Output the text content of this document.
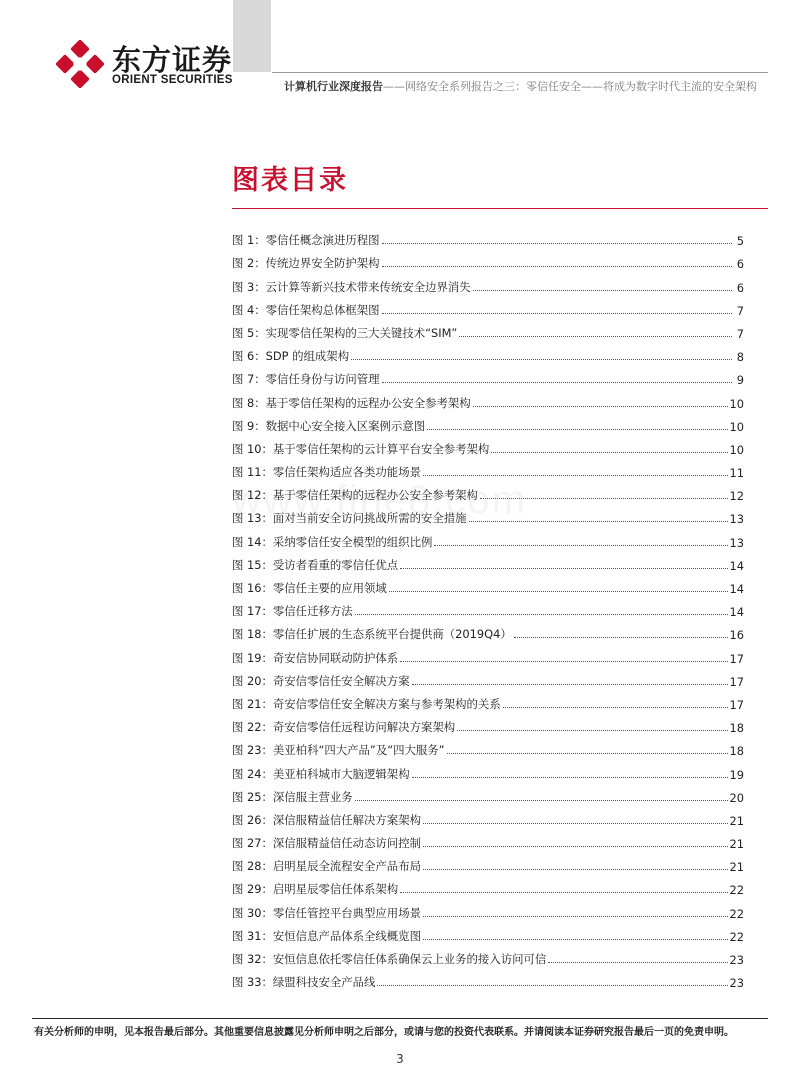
东方证券
ORIENT SECURITIES	计算机行业深度报告——网络安全系列报告之三：零信任安全——将成为数字时代主流的安全架构
图表目录
图 1：零信任概念演进历程图	5
图 2：传统边界安全防护架构	6
图 3：云计算等新兴技术带来传统安全边界消失	6
图 4：零信任架构总体框架图	7
图 5：实现零信任架构的三大关键技术“SIM”	7
图 6：SDP 的组成架构	8
图 7：零信任身份与访问管理	9
图 8：基于零信任架构的远程办公安全参考架构	10
图 9：数据中心安全接入区案例示意图	10
图 10：基于零信任架构的云计算平台安全参考架构	10
图 11：零信任架构适应各类功能场景	11
图 12：基于零信任架构的远程办公安全参考架构	12
图 13：面对当前安全访问挑战所需的安全措施	13
图 14：采纳零信任安全模型的组织比例	13
图 15：受访者看重的零信任优点	14
图 16：零信任主要的应用领域	14
图 17：零信任迁移方法	14
图 18：零信任扩展的生态系统平台提供商（2019Q4）	16
图 19：奇安信协同联动防护体系	17
图 20：奇安信零信任安全解决方案	17
图 21：奇安信零信任安全解决方案与参考架构的关系	17
图 22：奇安信零信任远程访问解决方案架构	18
图 23：美亚柏科“四大产品”及“四大服务”	18
图 24：美亚柏科城市大脑逻辑架构	19
图 25：深信服主营业务	20
图 26：深信服精益信任解决方案架构	21
图 27：深信服精益信任动态访问控制	21
图 28：启明星辰全流程安全产品布局	21
图 29：启明星辰零信任体系架构	22
图 30：零信任管控平台典型应用场景	22
图 31：安恒信息产品体系全线概览图	22
图 32：安恒信息依托零信任体系确保云上业务的接入访问可信	23
图 33：绿盟科技安全产品线	23
有关分析师的申明，见本报告最后部分。其他重要信息披露见分析师申明之后部分，或请与您的投资代表联系。并请阅读本证券研究报告最后一页的免责申明。
3
